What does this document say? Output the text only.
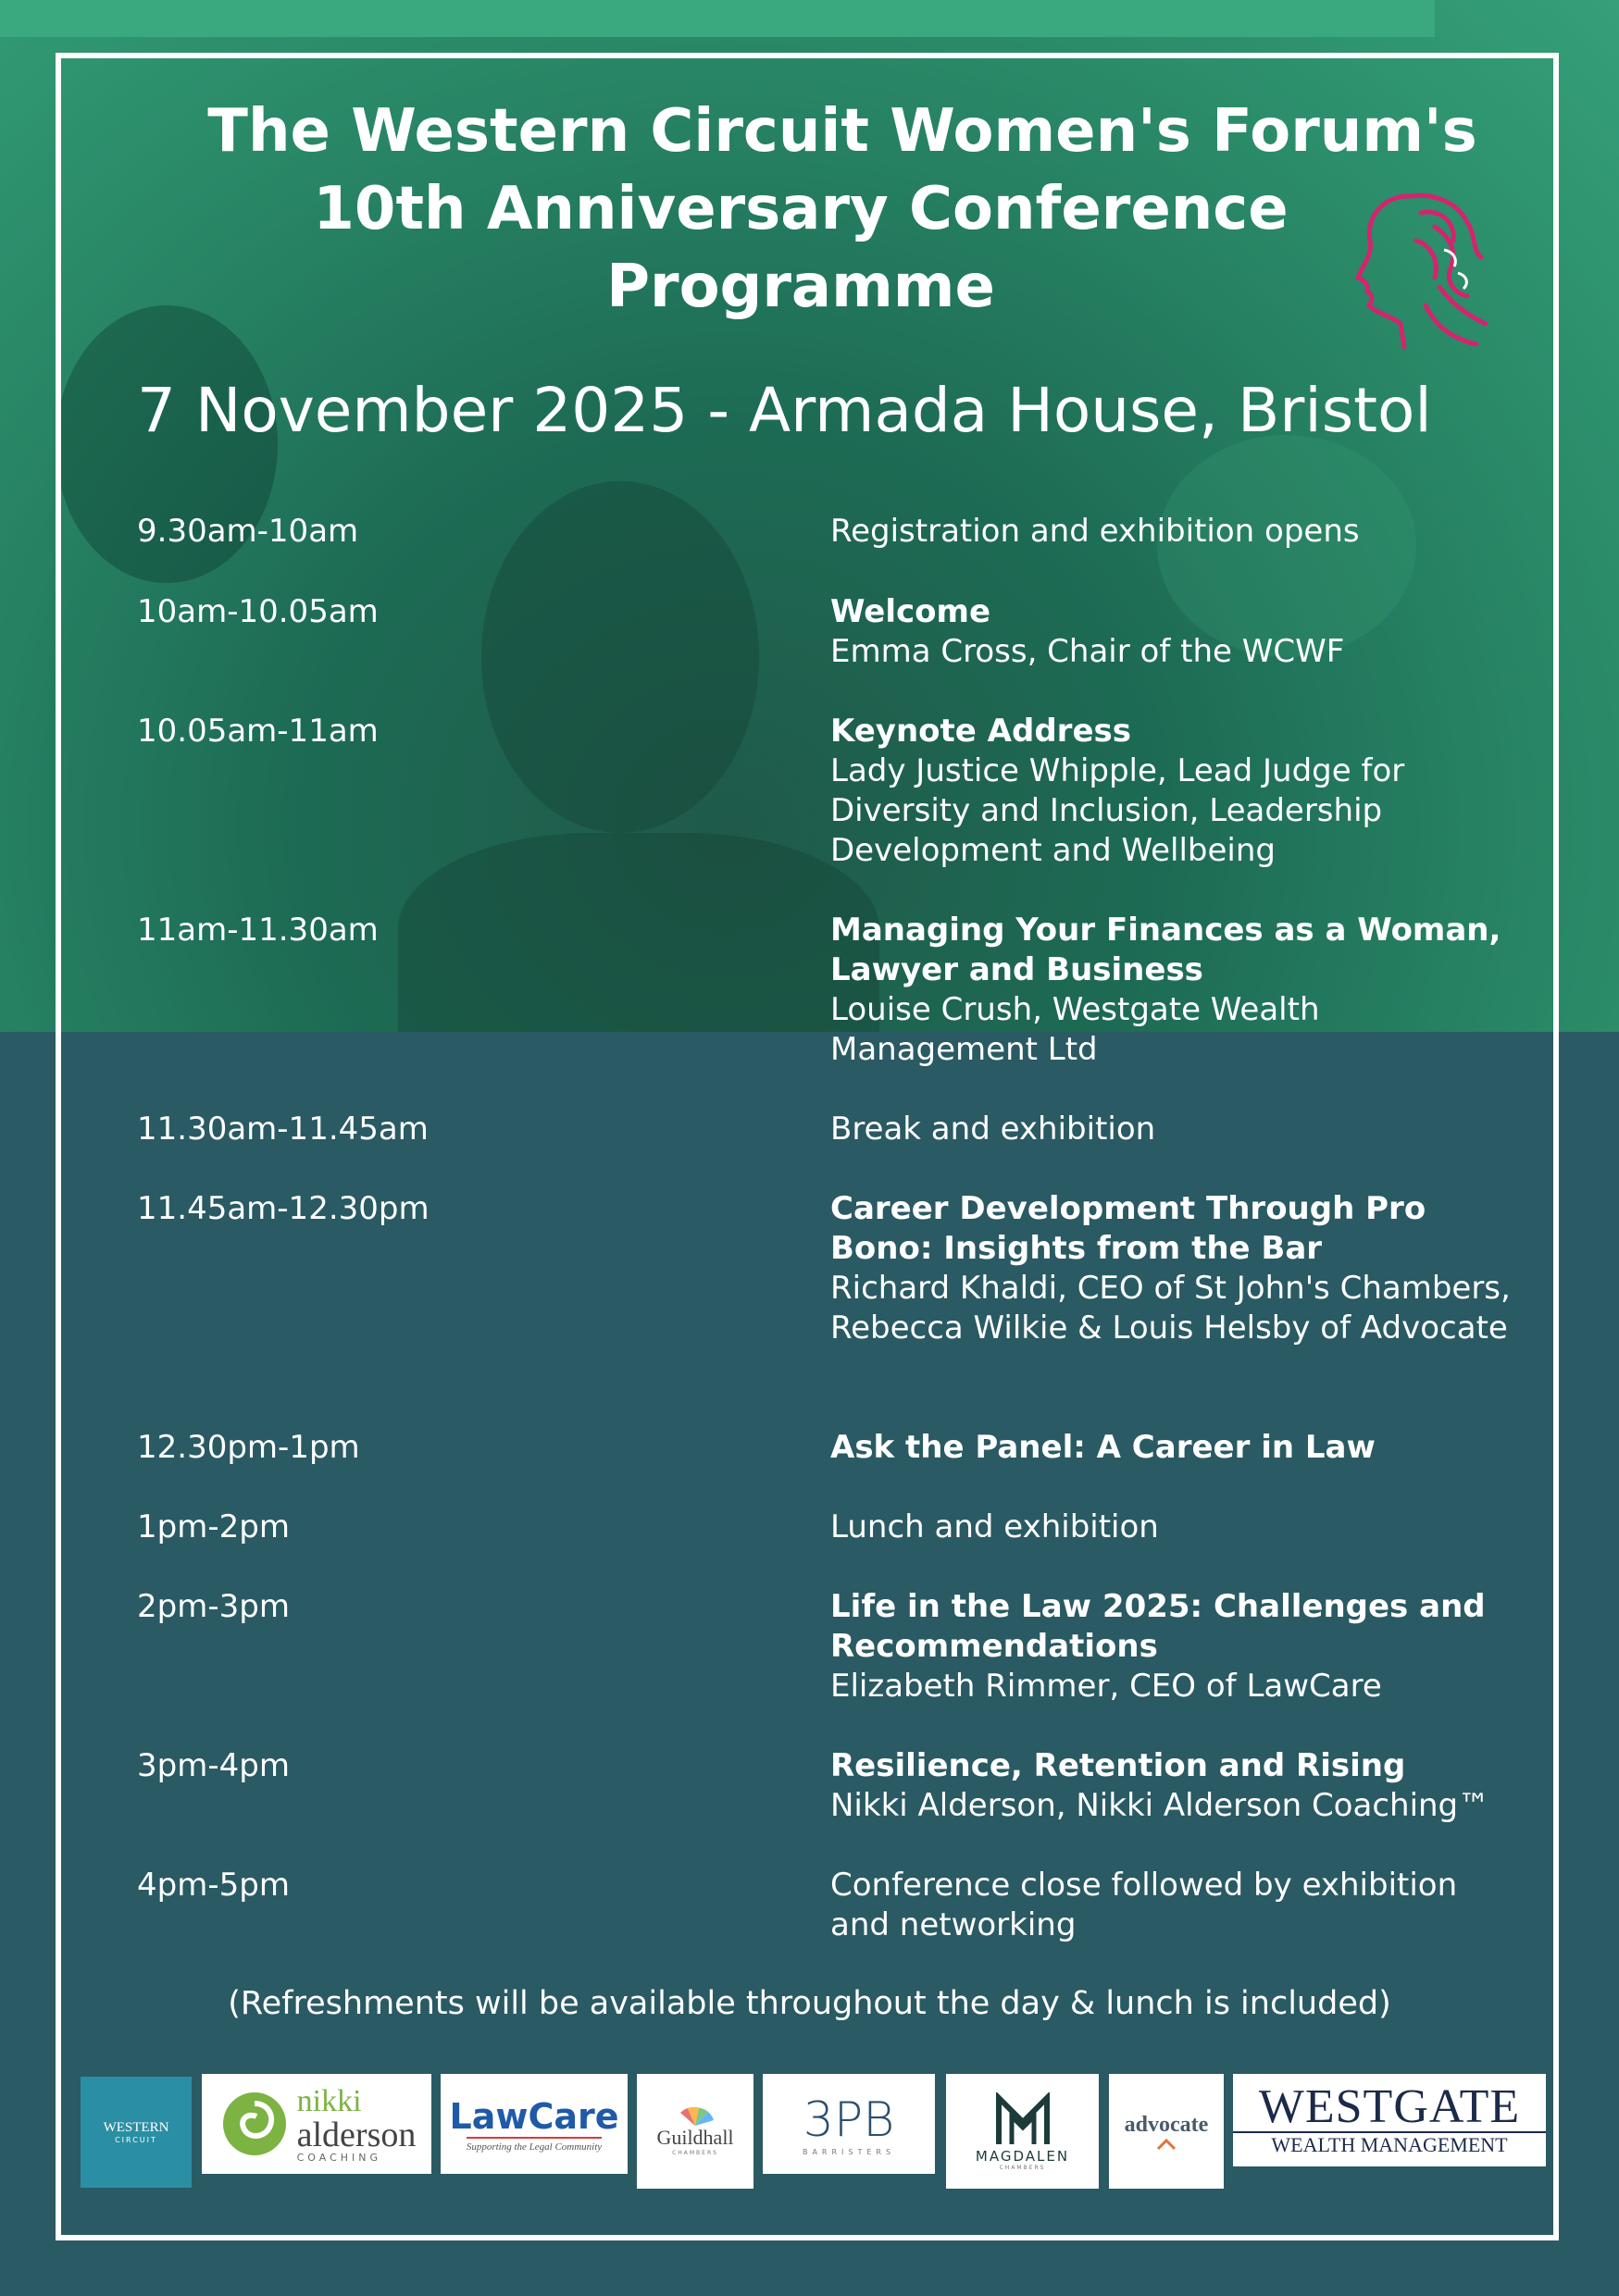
The Western Circuit Women's Forum's
10th Anniversary Conference
Programme
7 November 2025 - Armada House, Bristol
9.30am-10am	Registration and exhibition opens
10am-10.05am	Welcome
Emma Cross, Chair of the WCWF
10.05am-11am	Keynote Address
Lady Justice Whipple, Lead Judge for Diversity and Inclusion, Leadership Development and Wellbeing
11am-11.30am	Managing Your Finances as a Woman, Lawyer and Business
Louise Crush, Westgate Wealth Management Ltd
11.30am-11.45am	Break and exhibition
11.45am-12.30pm	Career Development Through Pro Bono: Insights from the Bar
Richard Khaldi, CEO of St John's Chambers, Rebecca Wilkie & Louis Helsby of Advocate
12.30pm-1pm	Ask the Panel: A Career in Law
1pm-2pm	Lunch and exhibition
2pm-3pm	Life in the Law 2025: Challenges and Recommendations
Elizabeth Rimmer, CEO of LawCare
3pm-4pm	Resilience, Retention and Rising
Nikki Alderson, Nikki Alderson Coaching™
4pm-5pm	Conference close followed by exhibition and networking
(Refreshments will be available throughout the day & lunch is included)
WESTERN
CIRCUIT
nikki
alderson
COACHING
LawCare
Supporting the Legal Community	Guildhall
CHAMBERS
3PB
BARRISTERS	MAGDALEN
CHAMBERS
advocate WESTGATE
WEALTH MANAGEMENT
